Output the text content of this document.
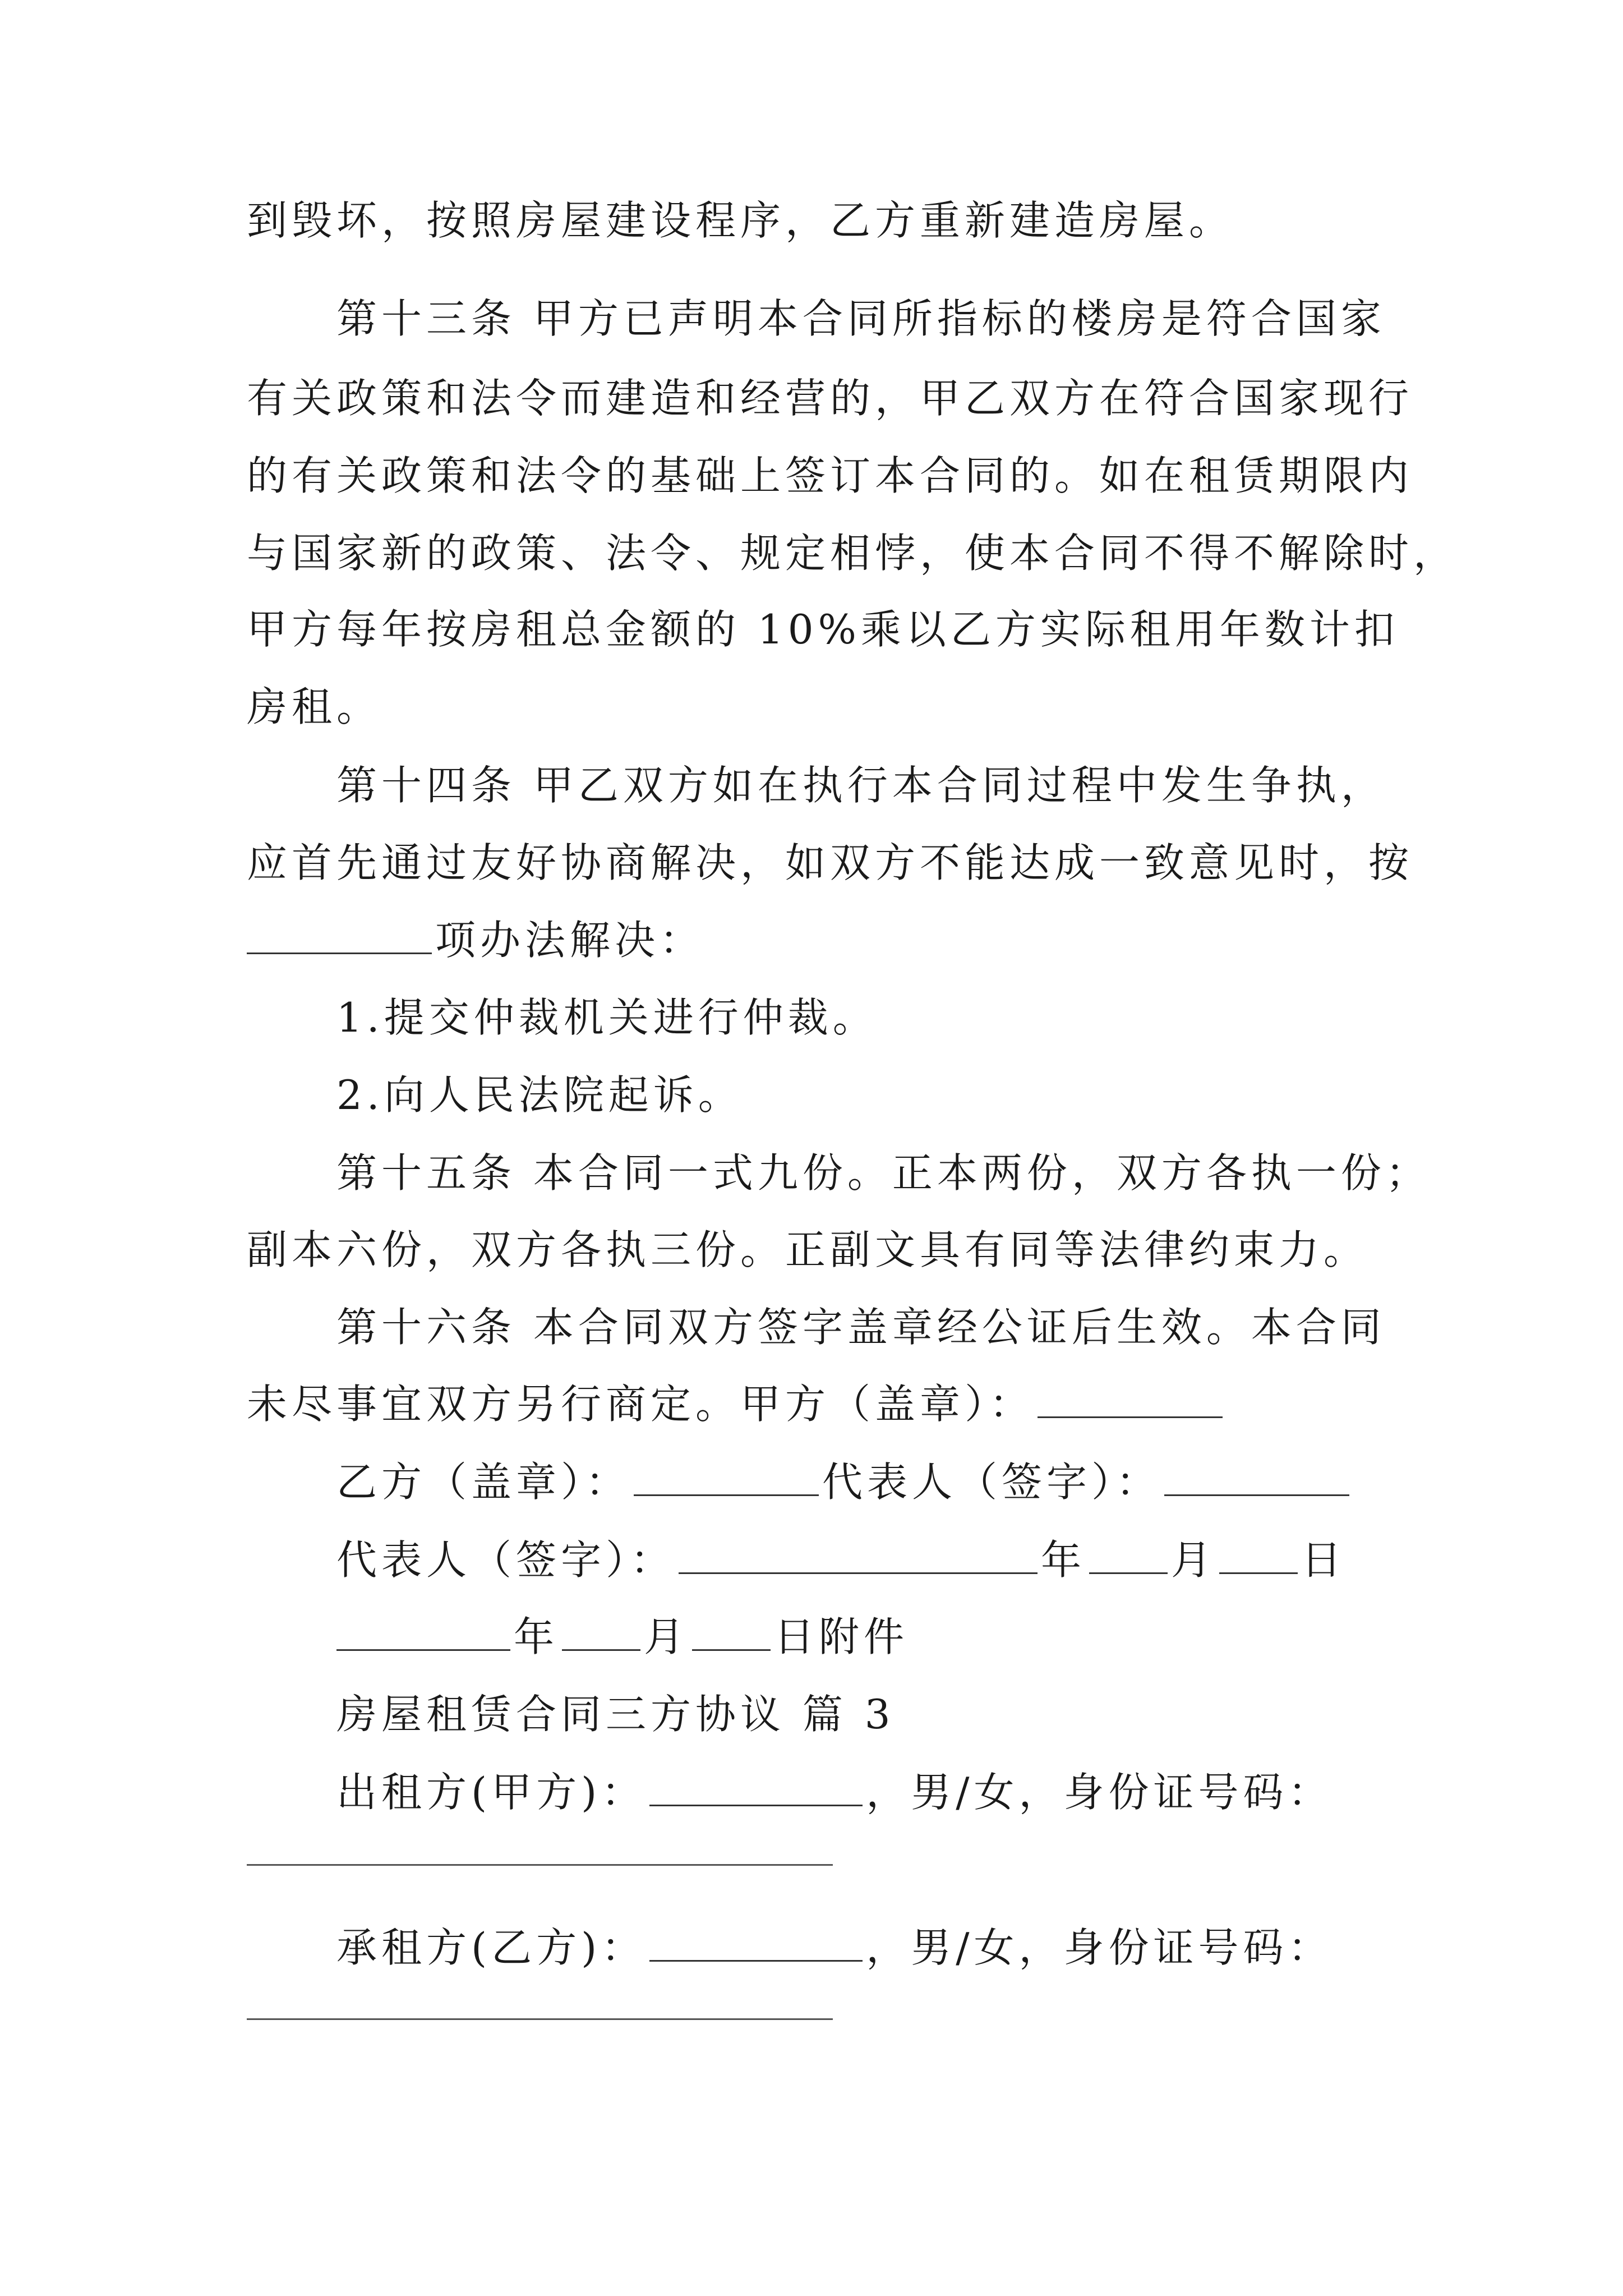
到毁坏，按照房屋建设程序，乙方重新建造房屋。
第十三条 甲方已声明本合同所指标的楼房是符合国家
有关政策和法令而建造和经营的，甲乙双方在符合国家现行
的有关政策和法令的基础上签订本合同的。如在租赁期限内
与国家新的政策、法令、规定相悖，使本合同不得不解除时，
甲方每年按房租总金额的 10%乘以乙方实际租用年数计扣
房租。
第十四条 甲乙双方如在执行本合同过程中发生争执，
应首先通过友好协商解决，如双方不能达成一致意见时，按
项办法解决：
1.提交仲裁机关进行仲裁。
2.向人民法院起诉。
第十五条 本合同一式九份。正本两份，双方各执一份；
副本六份，双方各执三份。正副文具有同等法律约束力。
第十六条 本合同双方签字盖章经公证后生效。本合同
未尽事宜双方另行商定。甲方（盖章）：
乙方（盖章）：	代表人（签字）：
代表人（签字）：	年 月 日
年 月 日附件
房屋租赁合同三方协议 篇 3
出租方(甲方)：	，男/女，身份证号码：
承租方(乙方)：	，男/女，身份证号码：
